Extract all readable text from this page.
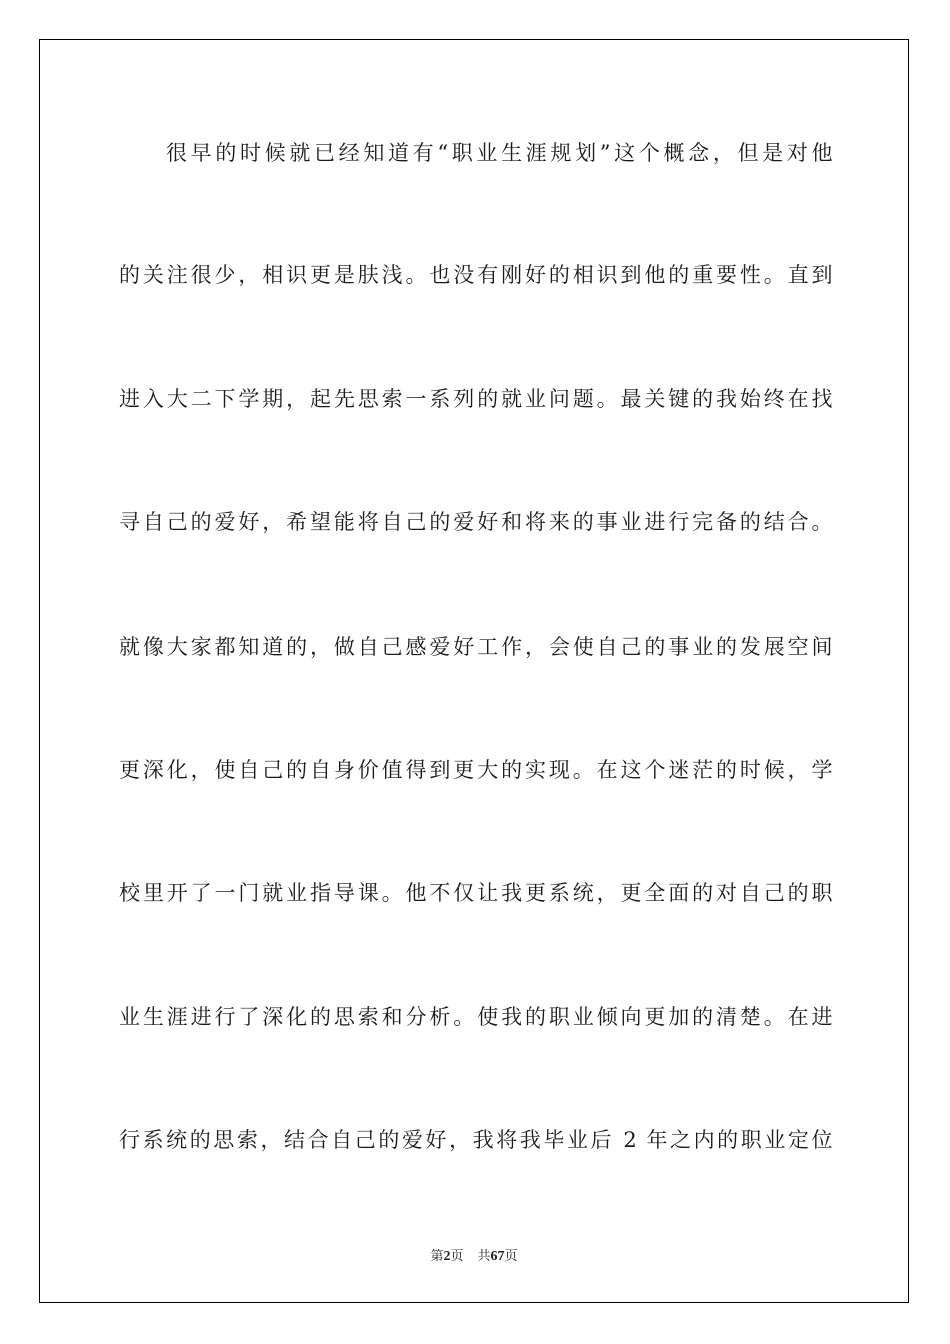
很早的时候就已经知道有“职业生涯规划”这个概念，但是对他
的关注很少，相识更是肤浅。也没有刚好的相识到他的重要性。直到
进入大二下学期，起先思索一系列的就业问题。最关键的我始终在找
寻自己的爱好，希望能将自己的爱好和将来的事业进行完备的结合。
就像大家都知道的，做自己感爱好工作，会使自己的事业的发展空间
更深化，使自己的自身价值得到更大的实现。在这个迷茫的时候，学
校里开了一门就业指导课。他不仅让我更系统，更全面的对自己的职
业生涯进行了深化的思索和分析。使我的职业倾向更加的清楚。在进
行系统的思索，结合自己的爱好，我将我毕业后 2 年之内的职业定位
第2页 共67页
